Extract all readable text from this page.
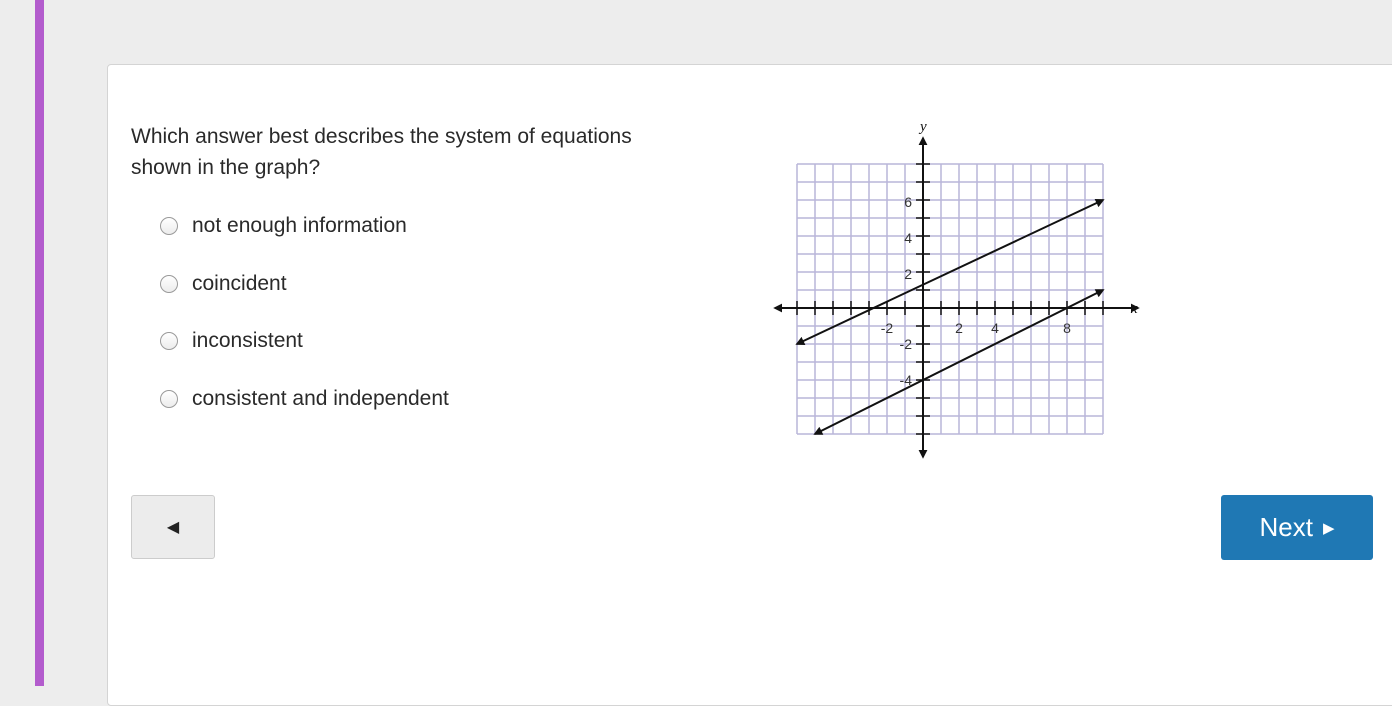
Which answer best describes the system of equations shown in the graph?
not enough information
coincident
inconsistent
consistent and independent
x
y
-2	2 4	8
6
4
2
-2
-4
◀	Next ▶
